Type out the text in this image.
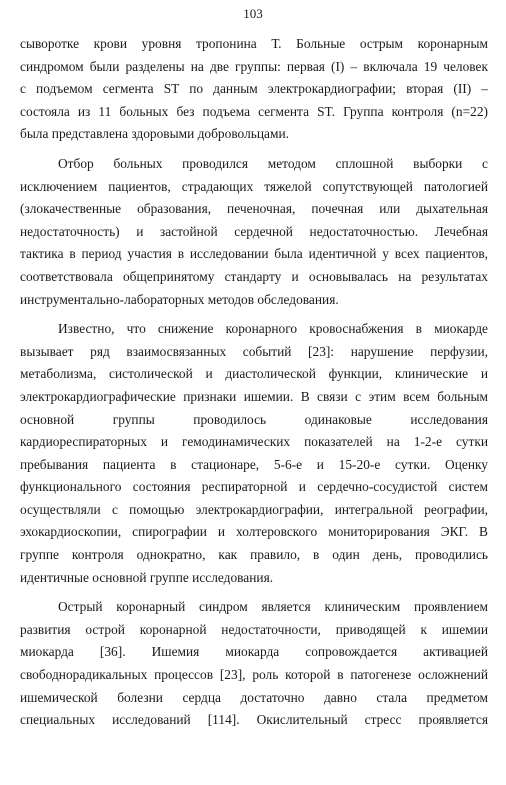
103
сыворотке крови уровня тропонина Т. Больные острым коронарным
синдромом были разделены на две группы: первая (I) – включала 19 человек
с подъемом сегмента ST по данным электрокардиографии; вторая (II) –
состояла из 11 больных без подъема сегмента ST. Группа контроля (n=22)
была представлена здоровыми добровольцами.
Отбор больных проводился методом сплошной выборки с
исключением пациентов, страдающих тяжелой сопутствующей патологией
(злокачественные образования, печеночная, почечная или дыхательная
недостаточность) и застойной сердечной недостаточностью. Лечебная
тактика в период участия в исследовании была идентичной у всех пациентов,
соответствовала общепринятому стандарту и основывалась на результатах
инструментально-лабораторных методов обследования.
Известно, что снижение коронарного кровоснабжения в миокарде
вызывает ряд взаимосвязанных событий [23]: нарушение перфузии,
метаболизма, систолической и диастолической функции, клинические и
электрокардиографические признаки ишемии. В связи с этим всем больным
основной группы проводилось одинаковые исследования
кардиореспираторных и гемодинамических показателей на 1-2-е сутки
пребывания пациента в стационаре, 5-6-е и 15-20-е сутки. Оценку
функционального состояния респираторной и сердечно-сосудистой систем
осуществляли с помощью электрокардиографии, интегральной реографии,
эхокардиоскопии, спирографии и холтеровского мониторирования ЭКГ. В
группе контроля однократно, как правило, в один день, проводились
идентичные основной группе исследования.
Острый коронарный синдром является клиническим проявлением
развития острой коронарной недостаточности, приводящей к ишемии
миокарда [36]. Ишемия миокарда сопровождается активацией
свободнорадикальных процессов [23], роль которой в патогенезе осложнений
ишемической болезни сердца достаточно давно стала предметом
специальных исследований [114]. Окислительный стресс проявляется
